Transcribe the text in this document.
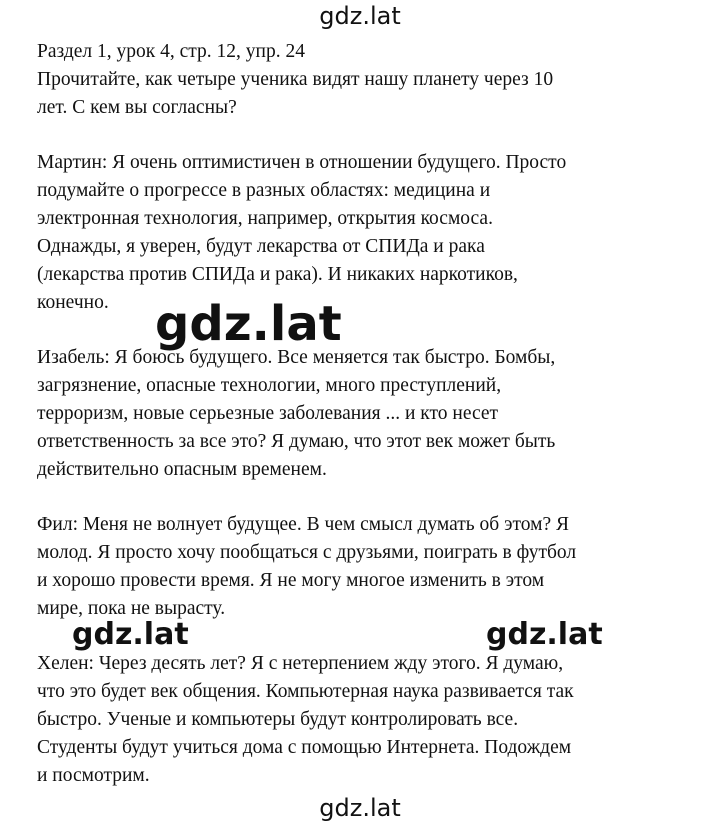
gdz.lat
Раздел 1, урок 4, стр. 12, упр. 24
Прочитайте, как четыре ученика видят нашу планету через 10
лет. С кем вы согласны?
Мартин: Я очень оптимистичен в отношении будущего. Просто
подумайте о прогрессе в разных областях: медицина и
электронная технология, например, открытия космоса.
Однажды, я уверен, будут лекарства от СПИДа и рака
(лекарства против СПИДа и рака). И никаких наркотиков,
конечно.
Изабель: Я боюсь будущего. Все меняется так быстро. Бомбы,
загрязнение, опасные технологии, много преступлений,
терроризм, новые серьезные заболевания ... и кто несет
ответственность за все это? Я думаю, что этот век может быть
действительно опасным временем.
Фил: Меня не волнует будущее. В чем смысл думать об этом? Я
молод. Я просто хочу пообщаться с друзьями, поиграть в футбол
и хорошо провести время. Я не могу многое изменить в этом
мире, пока не вырасту.
Хелен: Через десять лет? Я с нетерпением жду этого. Я думаю,
что это будет век общения. Компьютерная наука развивается так
быстро. Ученые и компьютеры будут контролировать все.
Студенты будут учиться дома с помощью Интернета. Подождем
и посмотрим.
gdz.lat
gdz.lat	gdz.lat
gdz.lat
